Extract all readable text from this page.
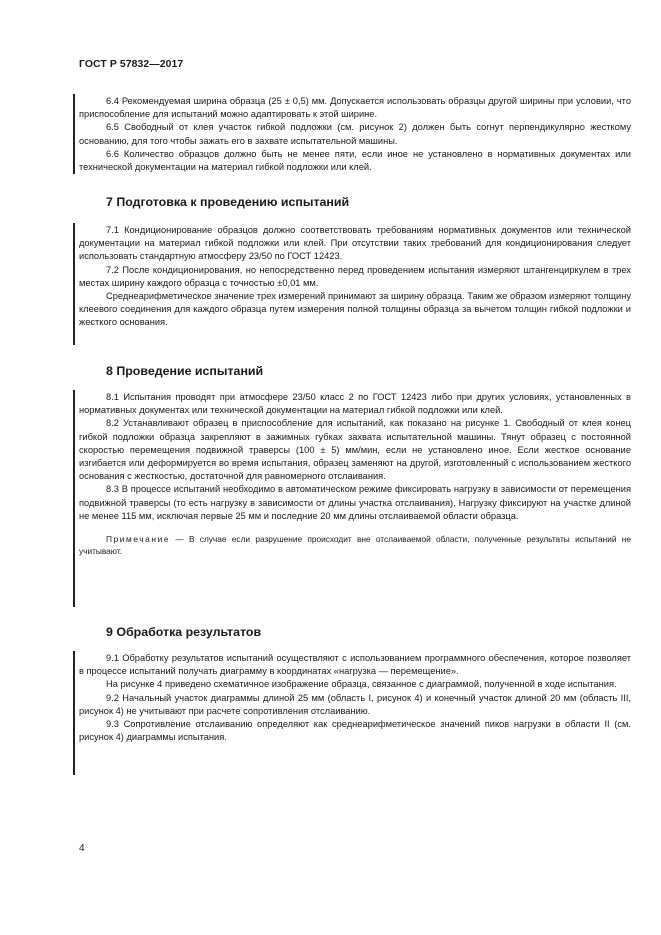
ГОСТ Р 57832—2017

6.4 Рекомендуемая ширина образца (25 ± 0,5) мм. Допускается использовать образцы другой ширины при условии, что приспособление для испытаний можно адаптировать к этой ширине.

6.5 Свободный от клея участок гибкой подложки (см. рисунок 2) должен быть согнут перпендикулярно жесткому основанию, для того чтобы зажать его в захвате испытательной машины.

6.6 Количество образцов должно быть не менее пяти, если иное не установлено в нормативных документах или технической документации на материал гибкой подложки или клей.

7 Подготовка к проведению испытаний

7.1 Кондиционирование образцов должно соответствовать требованиям нормативных документов или технической документации на материал гибкой подложки или клей. При отсутствии таких требований для кондиционирования следует использовать стандартную атмосферу 23/50 по ГОСТ 12423.

7.2 После кондиционирования, но непосредственно перед проведением испытания измеряют штангенциркулем в трех местах ширину каждого образца с точностью ±0,01 мм.

Среднеарифметическое значение трех измерений принимают за ширину образца. Таким же образом измеряют толщину клеевого соединения для каждого образца путем измерения полной толщины образца за вычетом толщин гибкой подложки и жесткого основания.

8 Проведение испытаний

8.1 Испытания проводят при атмосфере 23/50 класс 2 по ГОСТ 12423 либо при других условиях, установленных в нормативных документах или технической документации на материал гибкой подложки или клей.

8.2 Устанавливают образец в приспособление для испытаний, как показано на рисунке 1. Свободный от клея конец гибкой подложки образца закрепляют в зажимных губках захвата испытательной машины. Тянут образец с постоянной скоростью перемещения подвижной траверсы (100 ± 5) мм/мин, если не установлено иное. Если жесткое основание изгибается или деформируется во время испытания, образец заменяют на другой, изготовленный с использованием жесткого основания с жесткостью, достаточной для равномерного отслаивания.

8.3 В процессе испытаний необходимо в автоматическом режиме фиксировать нагрузку в зависимости от перемещения подвижной траверсы (то есть нагрузку в зависимости от длины участка отслаивания). Нагрузку фиксируют на участке длиной не менее 115 мм, исключая первые 25 мм и последние 20 мм длины отслаиваемой области образца.

Примечание — В случае если разрушение происходит вне отслаиваемой области, полученные результаты испытаний не учитывают.

9 Обработка результатов

9.1 Обработку результатов испытаний осуществляют с использованием программного обеспечения, которое позволяет в процессе испытаний получать диаграмму в координатах «нагрузка — перемещение».

На рисунке 4 приведено схематичное изображение образца, связанное с диаграммой, полученной в ходе испытания.

9.2 Начальный участок диаграммы длиной 25 мм (область I, рисунок 4) и конечный участок длиной 20 мм (область III, рисунок 4) не учитывают при расчете сопротивления отслаиванию.

9.3 Сопротивление отслаиванию определяют как среднеарифметическое значений пиков нагрузки в области II (см. рисунок 4) диаграммы испытания.

4
